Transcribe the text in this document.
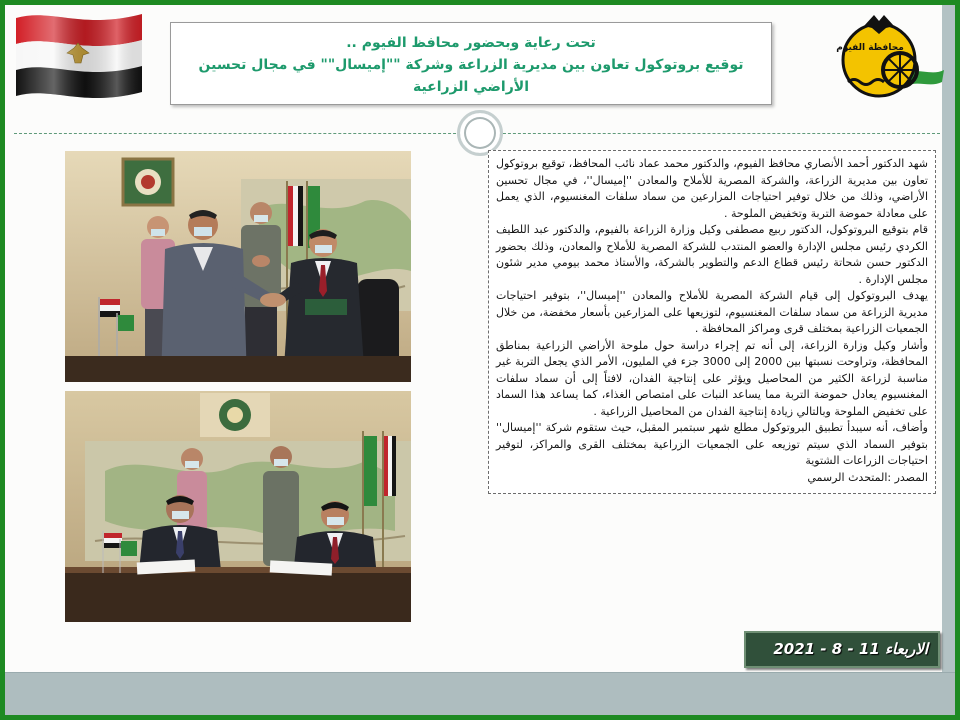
تحت رعاية وبحضور محافظ الفيوم ..
توقيع بروتوكول تعاون بين مديرية الزراعة وشركة ""إميسال"" في مجال تحسين الأراضي الزراعية
محافظة الفيوم

شهد الدكتور أحمد الأنصاري محافظ الفيوم، والدكتور محمد عماد نائب المحافظ، توقيع بروتوكول تعاون بين مديرية الزراعة، والشركة المصرية للأملاح والمعادن ''إميسال''، في مجال تحسين الأراضي، وذلك من خلال توفير احتياجات المزارعين من سماد سلفات المغنسيوم، الذي يعمل على معادلة حموضة التربة وتخفيض الملوحة .

قام بتوقيع البروتوكول، الدكتور ربيع مصطفى وكيل وزارة الزراعة بالفيوم، والدكتور عبد اللطيف الكردي رئيس مجلس الإدارة والعضو المنتدب للشركة المصرية للأملاح والمعادن، وذلك بحضور الدكتور حسن شحاتة رئيس قطاع الدعم والتطوير بالشركة، والأستاذ محمد بيومي مدير شئون مجلس الإدارة .

يهدف البروتوكول إلى قيام الشركة المصرية للأملاح والمعادن ''إميسال''، بتوفير احتياجات مديرية الزراعة من سماد سلفات المغنسيوم، لتوزيعها على المزارعين بأسعار مخفضة، من خلال الجمعيات الزراعية بمختلف قرى ومراكز المحافظة .

وأشار وكيل وزارة الزراعة، إلى أنه تم إجراء دراسة حول ملوحة الأراضي الزراعية بمناطق المحافظة، وتراوحت نسبتها بين 2000 إلى 3000 جزء في المليون، الأمر الذي يجعل التربة غير مناسبة لزراعة الكثير من المحاصيل ويؤثر على إنتاجية الفدان، لافتاً إلى أن سماد سلفات المغنسيوم يعادل حموضة التربة مما يساعد النبات على امتصاص الغذاء، كما يساعد هذا السماد على تخفيض الملوحة وبالتالي زيادة إنتاجية الفدان من المحاصيل الزراعية .

وأضاف، أنه سيبدأ تطبيق البروتوكول مطلع شهر سبتمبر المقبل، حيث ستقوم شركة ''إميسال'' بتوفير السماد الذي سيتم توزيعه على الجمعيات الزراعية بمختلف القرى والمراكز، لتوفير احتياجات الزراعات الشتوية

المصدر :المتحدث الرسمي

الاربعاء 11 - 8 - 2021
